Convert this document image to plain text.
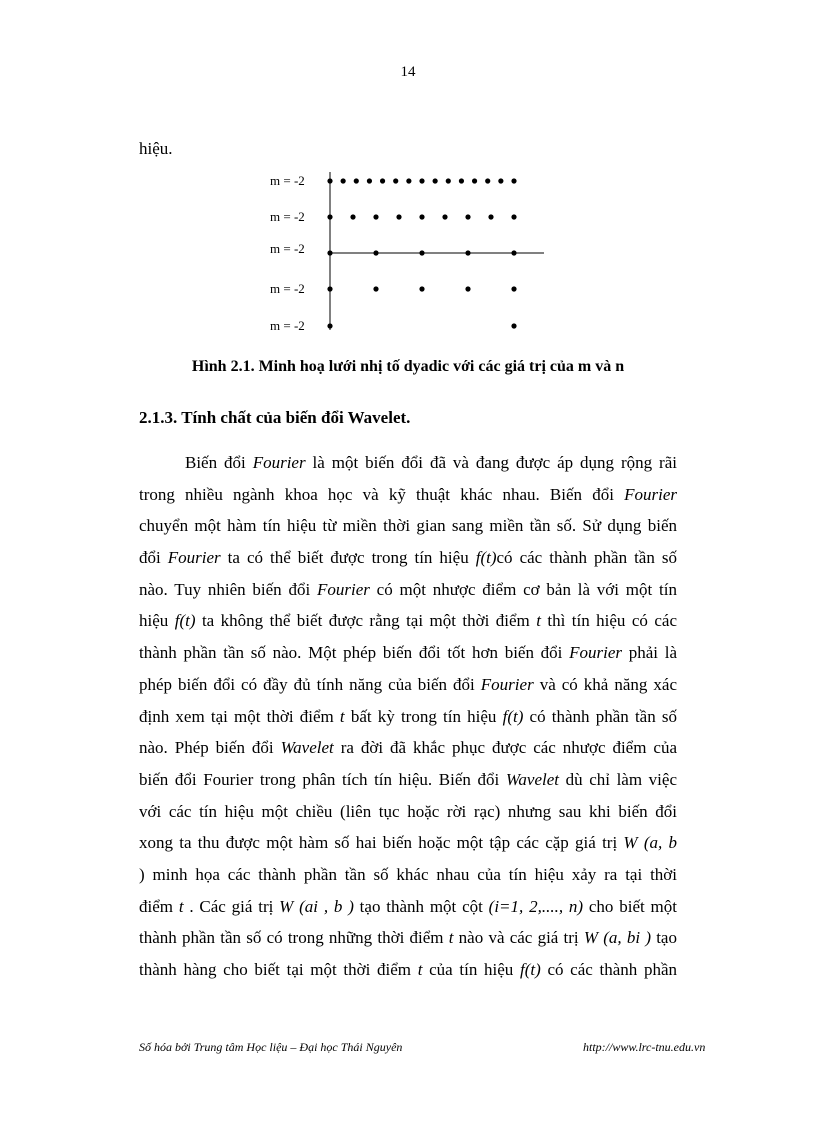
14
hiệu.
m = -2
m = -2
m = -2
m = -2
m = -2
Hình 2.1. Minh hoạ lưới nhị tố dyadic với các giá trị của m và n
2.1.3. Tính chất của biến đổi Wavelet.
Biến đổi Fourier là một biến đổi đã và đang được áp dụng rộng rãi
trong nhiều ngành khoa học và kỹ thuật khác nhau. Biến đổi Fourier
chuyển một hàm tín hiệu từ miền thời gian sang miền tần số. Sử dụng biến
đổi Fourier ta có thể biết được trong tín hiệu f(t)có các thành phần tần số
nào. Tuy nhiên biến đổi Fourier có một nhược điểm cơ bản là với một tín
hiệu f(t) ta không thể biết được rằng tại một thời điểm t thì tín hiệu có các
thành phần tần số nào. Một phép biến đổi tốt hơn biến đổi Fourier phải là
phép biến đổi có đầy đủ tính năng của biến đổi Fourier và có khả năng xác
định xem tại một thời điểm t bất kỳ trong tín hiệu f(t) có thành phần tần số
nào. Phép biến đổi Wavelet ra đời đã khắc phục được các nhược điểm của
biến đổi Fourier trong phân tích tín hiệu. Biến đổi Wavelet dù chỉ làm việc
với các tín hiệu một chiều (liên tục hoặc rời rạc) nhưng sau khi biến đổi
xong ta thu được một hàm số hai biến hoặc một tập các cặp giá trị W (a, b
) minh họa các thành phần tần số khác nhau của tín hiệu xảy ra tại thời
điểm t . Các giá trị W (ai , b ) tạo thành một cột (i=1, 2,...., n) cho biết một
thành phần tần số có trong những thời điểm t nào và các giá trị W (a, bi ) tạo
thành hàng cho biết tại một thời điểm t của tín hiệu f(t) có các thành phần
Số hóa bởi Trung tâm Học liệu – Đại học Thái Nguyên	http://www.lrc-tnu.edu.vn
